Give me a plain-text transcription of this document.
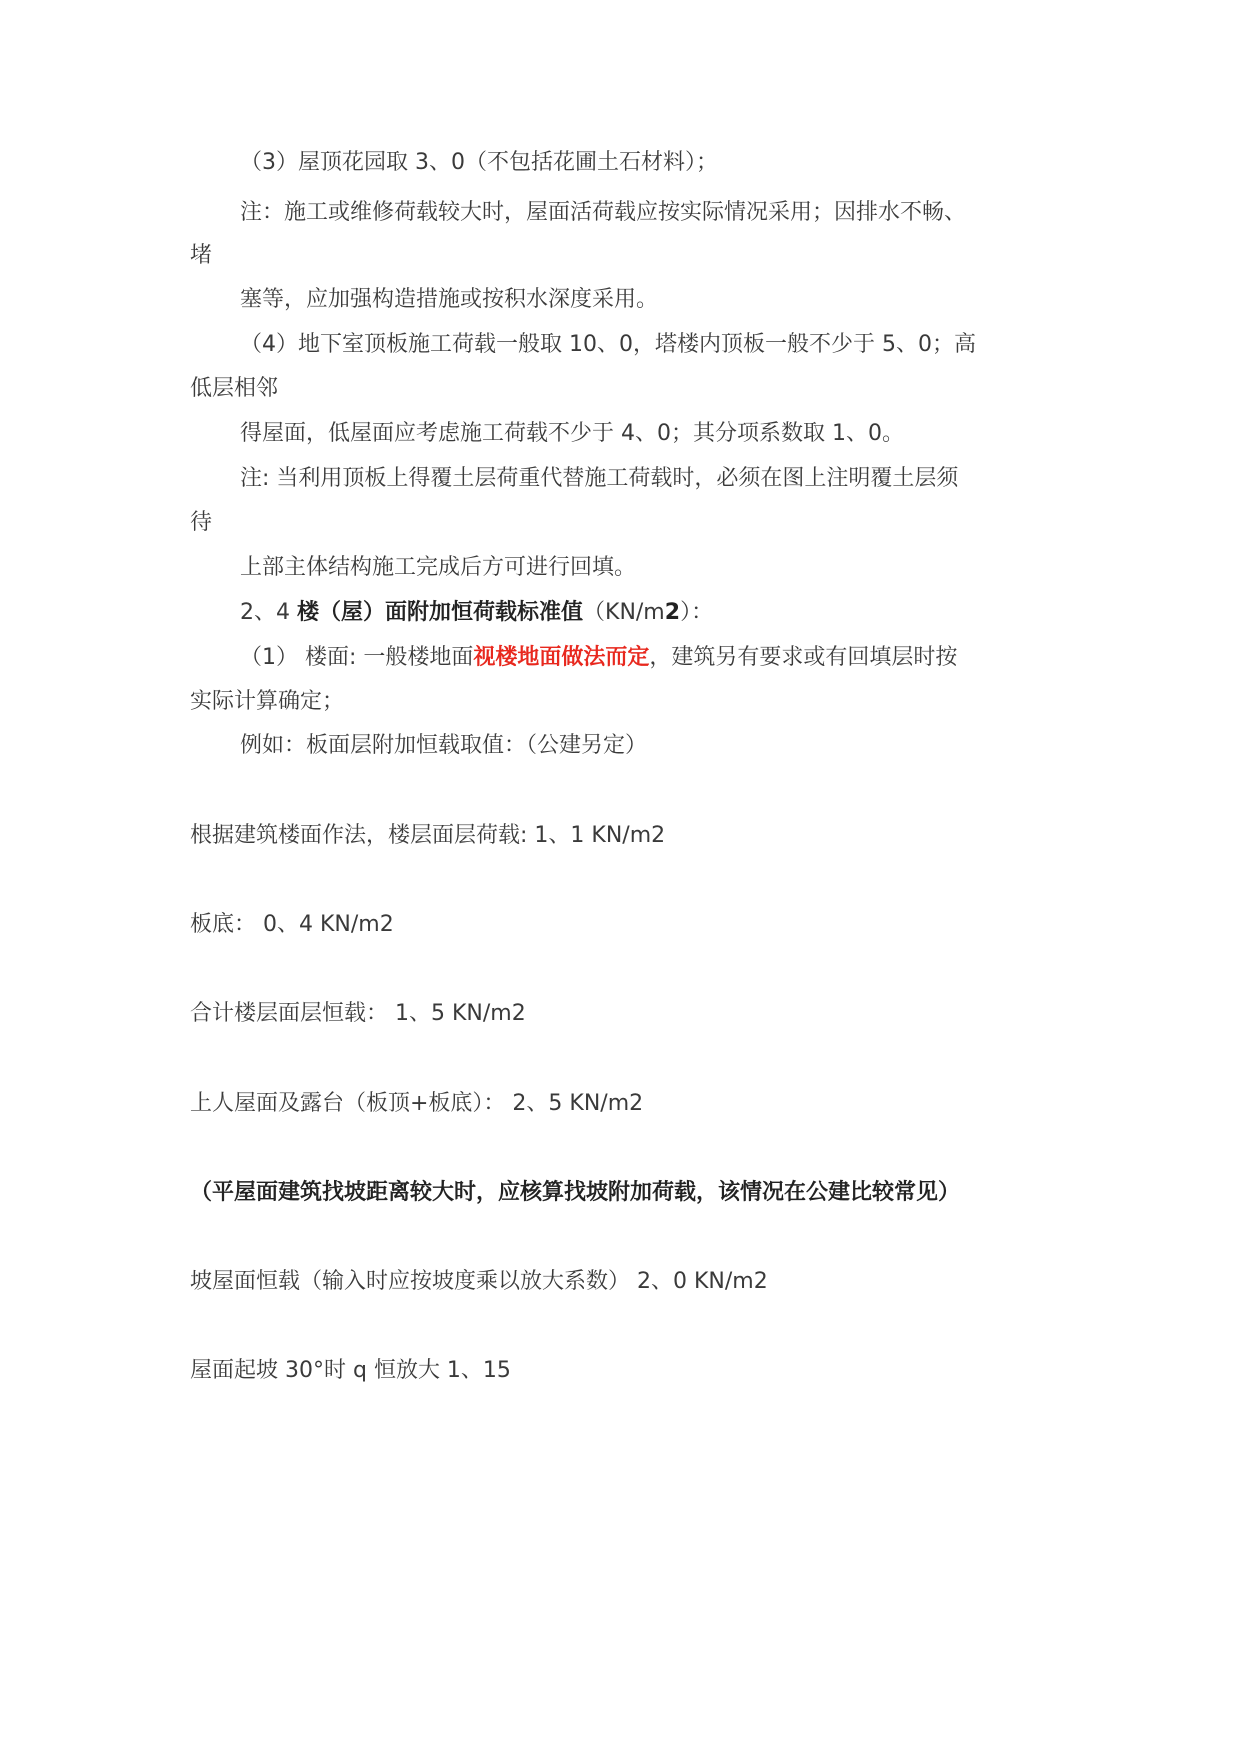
（3）屋顶花园取 3、0（不包括花圃土石材料）；
注：施工或维修荷载较大时，屋面活荷载应按实际情况采用；因排水不畅、
堵
塞等，应加强构造措施或按积水深度采用。
（4）地下室顶板施工荷载一般取 10、0，塔楼内顶板一般不少于 5、0；高
低层相邻
得屋面，低屋面应考虑施工荷载不少于 4、0；其分项系数取 1、0。
注: 当利用顶板上得覆土层荷重代替施工荷载时，必须在图上注明覆土层须
待
上部主体结构施工完成后方可进行回填。
2、4 楼（屋）面附加恒荷载标准值（KN/m2）：
（1） 楼面: 一般楼地面视楼地面做法而定，建筑另有要求或有回填层时按
实际计算确定；
例如：板面层附加恒载取值：（公建另定）
根据建筑楼面作法，楼层面层荷载: 1、1 KN/m2
板底： 0、4 KN/m2
合计楼层面层恒载： 1、5 KN/m2
上人屋面及露台（板顶+板底）： 2、5 KN/m2
（平屋面建筑找坡距离较大时，应核算找坡附加荷载，该情况在公建比较常见）
坡屋面恒载（输入时应按坡度乘以放大系数） 2、0 KN/m2
屋面起坡 30°时 q 恒放大 1、15
